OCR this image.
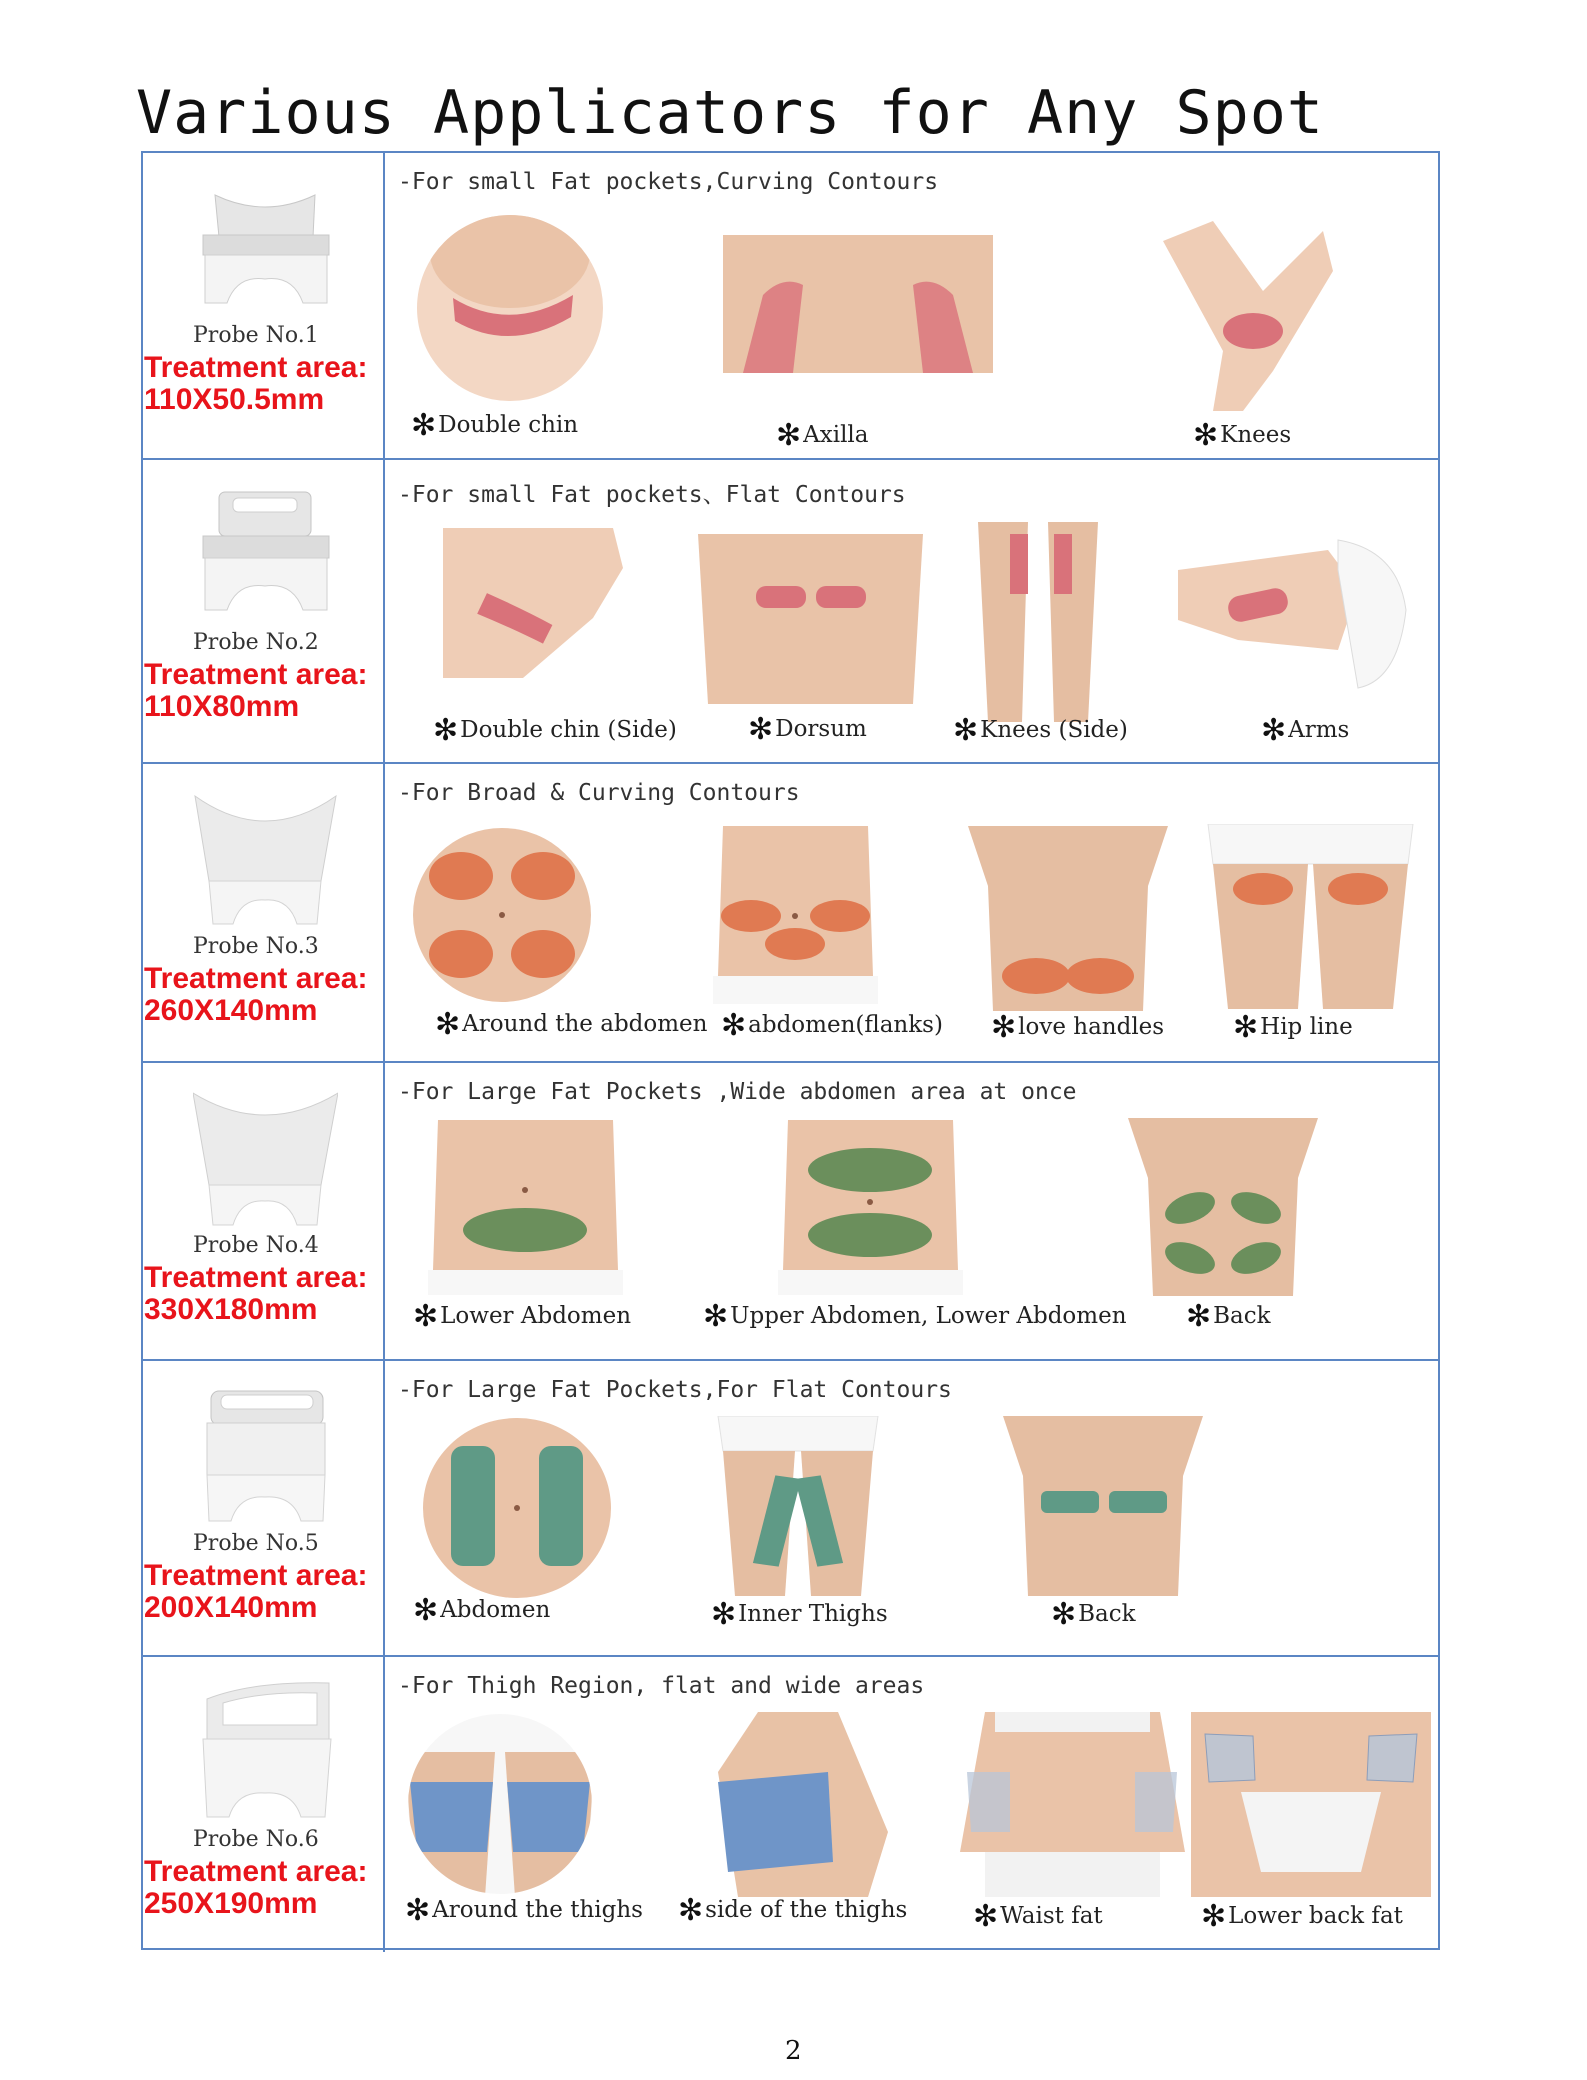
Various Applicators for Any Spot
Probe No.1
Treatment area:
110X50.5mm
-For small Fat pockets,Curving Contours
✻Double chin	✻Axilla	✻Knees
Probe No.2
Treatment area:
110X80mm
-For small Fat pockets、Flat Contours
✻Double chin (Side) ✻Dorsum	✻Knees (Side)	✻Arms
Probe No.3
Treatment area:
260X140mm
-For Broad & Curving Contours
✻Around the abdomen ✻abdomen(flanks) ✻love handles ✻Hip line
Probe No.4
Treatment area:
330X180mm
-For Large Fat Pockets ,Wide abdomen area at once
✻Lower Abdomen ✻Upper Abdomen, Lower Abdomen ✻Back
Probe No.5
Treatment area:
200X140mm
-For Large Fat Pockets,For Flat Contours
✻Abdomen	✻Inner Thighs	✻Back
Probe No.6
Treatment area:
250X190mm
-For Thigh Region, flat and wide areas
✻Around the thighs ✻side of the thighs ✻Waist fat	✻Lower back fat
2
